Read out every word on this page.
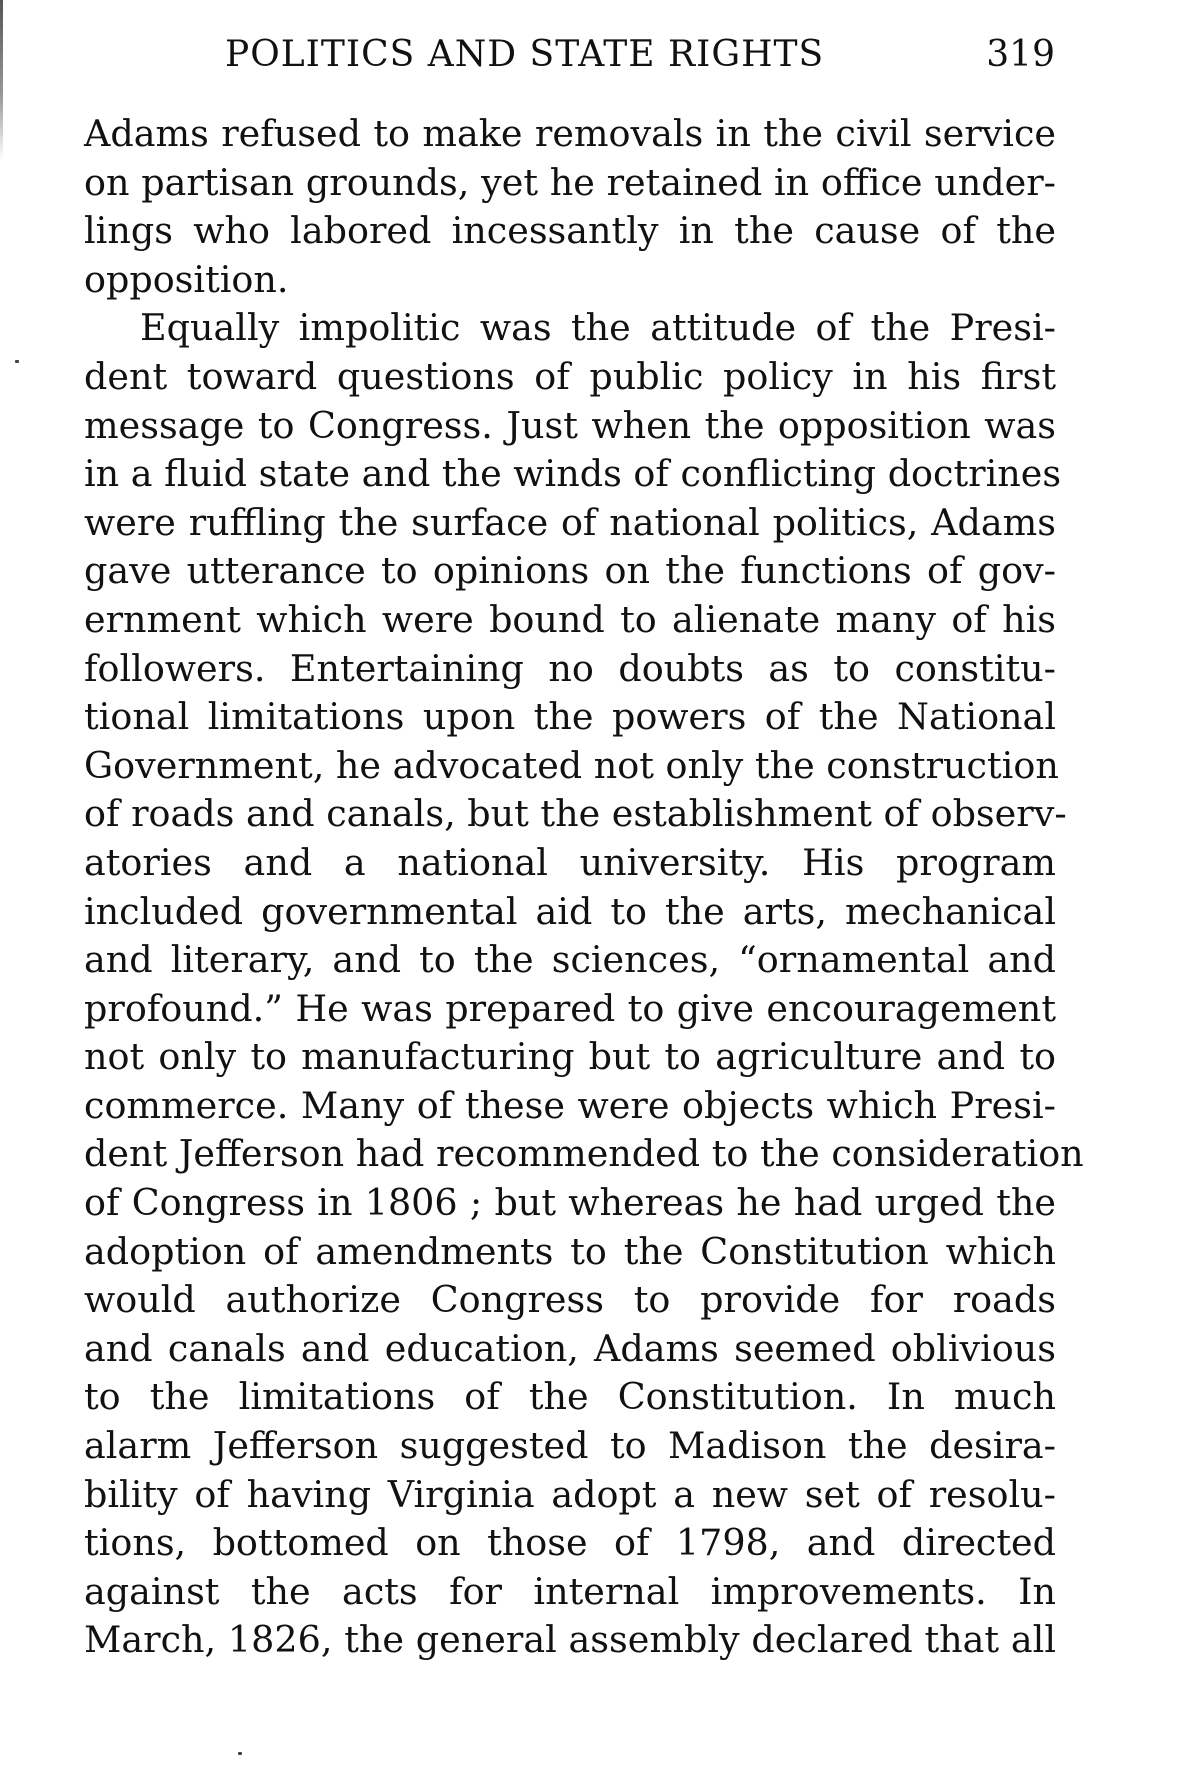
POLITICS AND STATE RIGHTS	319
Adams refused to make removals in the civil service
on partisan grounds, yet he retained in office under-
lings who labored incessantly in the cause of the
opposition.
Equally impolitic was the attitude of the Presi-
dent toward questions of public policy in his first
message to Congress. Just when the opposition was
in a fluid state and the winds of conflicting doctrines
were ruffling the surface of national politics, Adams
gave utterance to opinions on the functions of gov-
ernment which were bound to alienate many of his
followers. Entertaining no doubts as to constitu-
tional limitations upon the powers of the National
Government, he advocated not only the construction
of roads and canals, but the establishment of observ-
atories and a national university. His program
included governmental aid to the arts, mechanical
and literary, and to the sciences, “ornamental and
profound.” He was prepared to give encouragement
not only to manufacturing but to agriculture and to
commerce. Many of these were objects which Presi-
dent Jefferson had recommended to the consideration
of Congress in 1806 ; but whereas he had urged the
adoption of amendments to the Constitution which
would authorize Congress to provide for roads
and canals and education, Adams seemed oblivious
to the limitations of the Constitution. In much
alarm Jefferson suggested to Madison the desira-
bility of having Virginia adopt a new set of resolu-
tions, bottomed on those of 1798, and directed
against the acts for internal improvements. In
March, 1826, the general assembly declared that all
